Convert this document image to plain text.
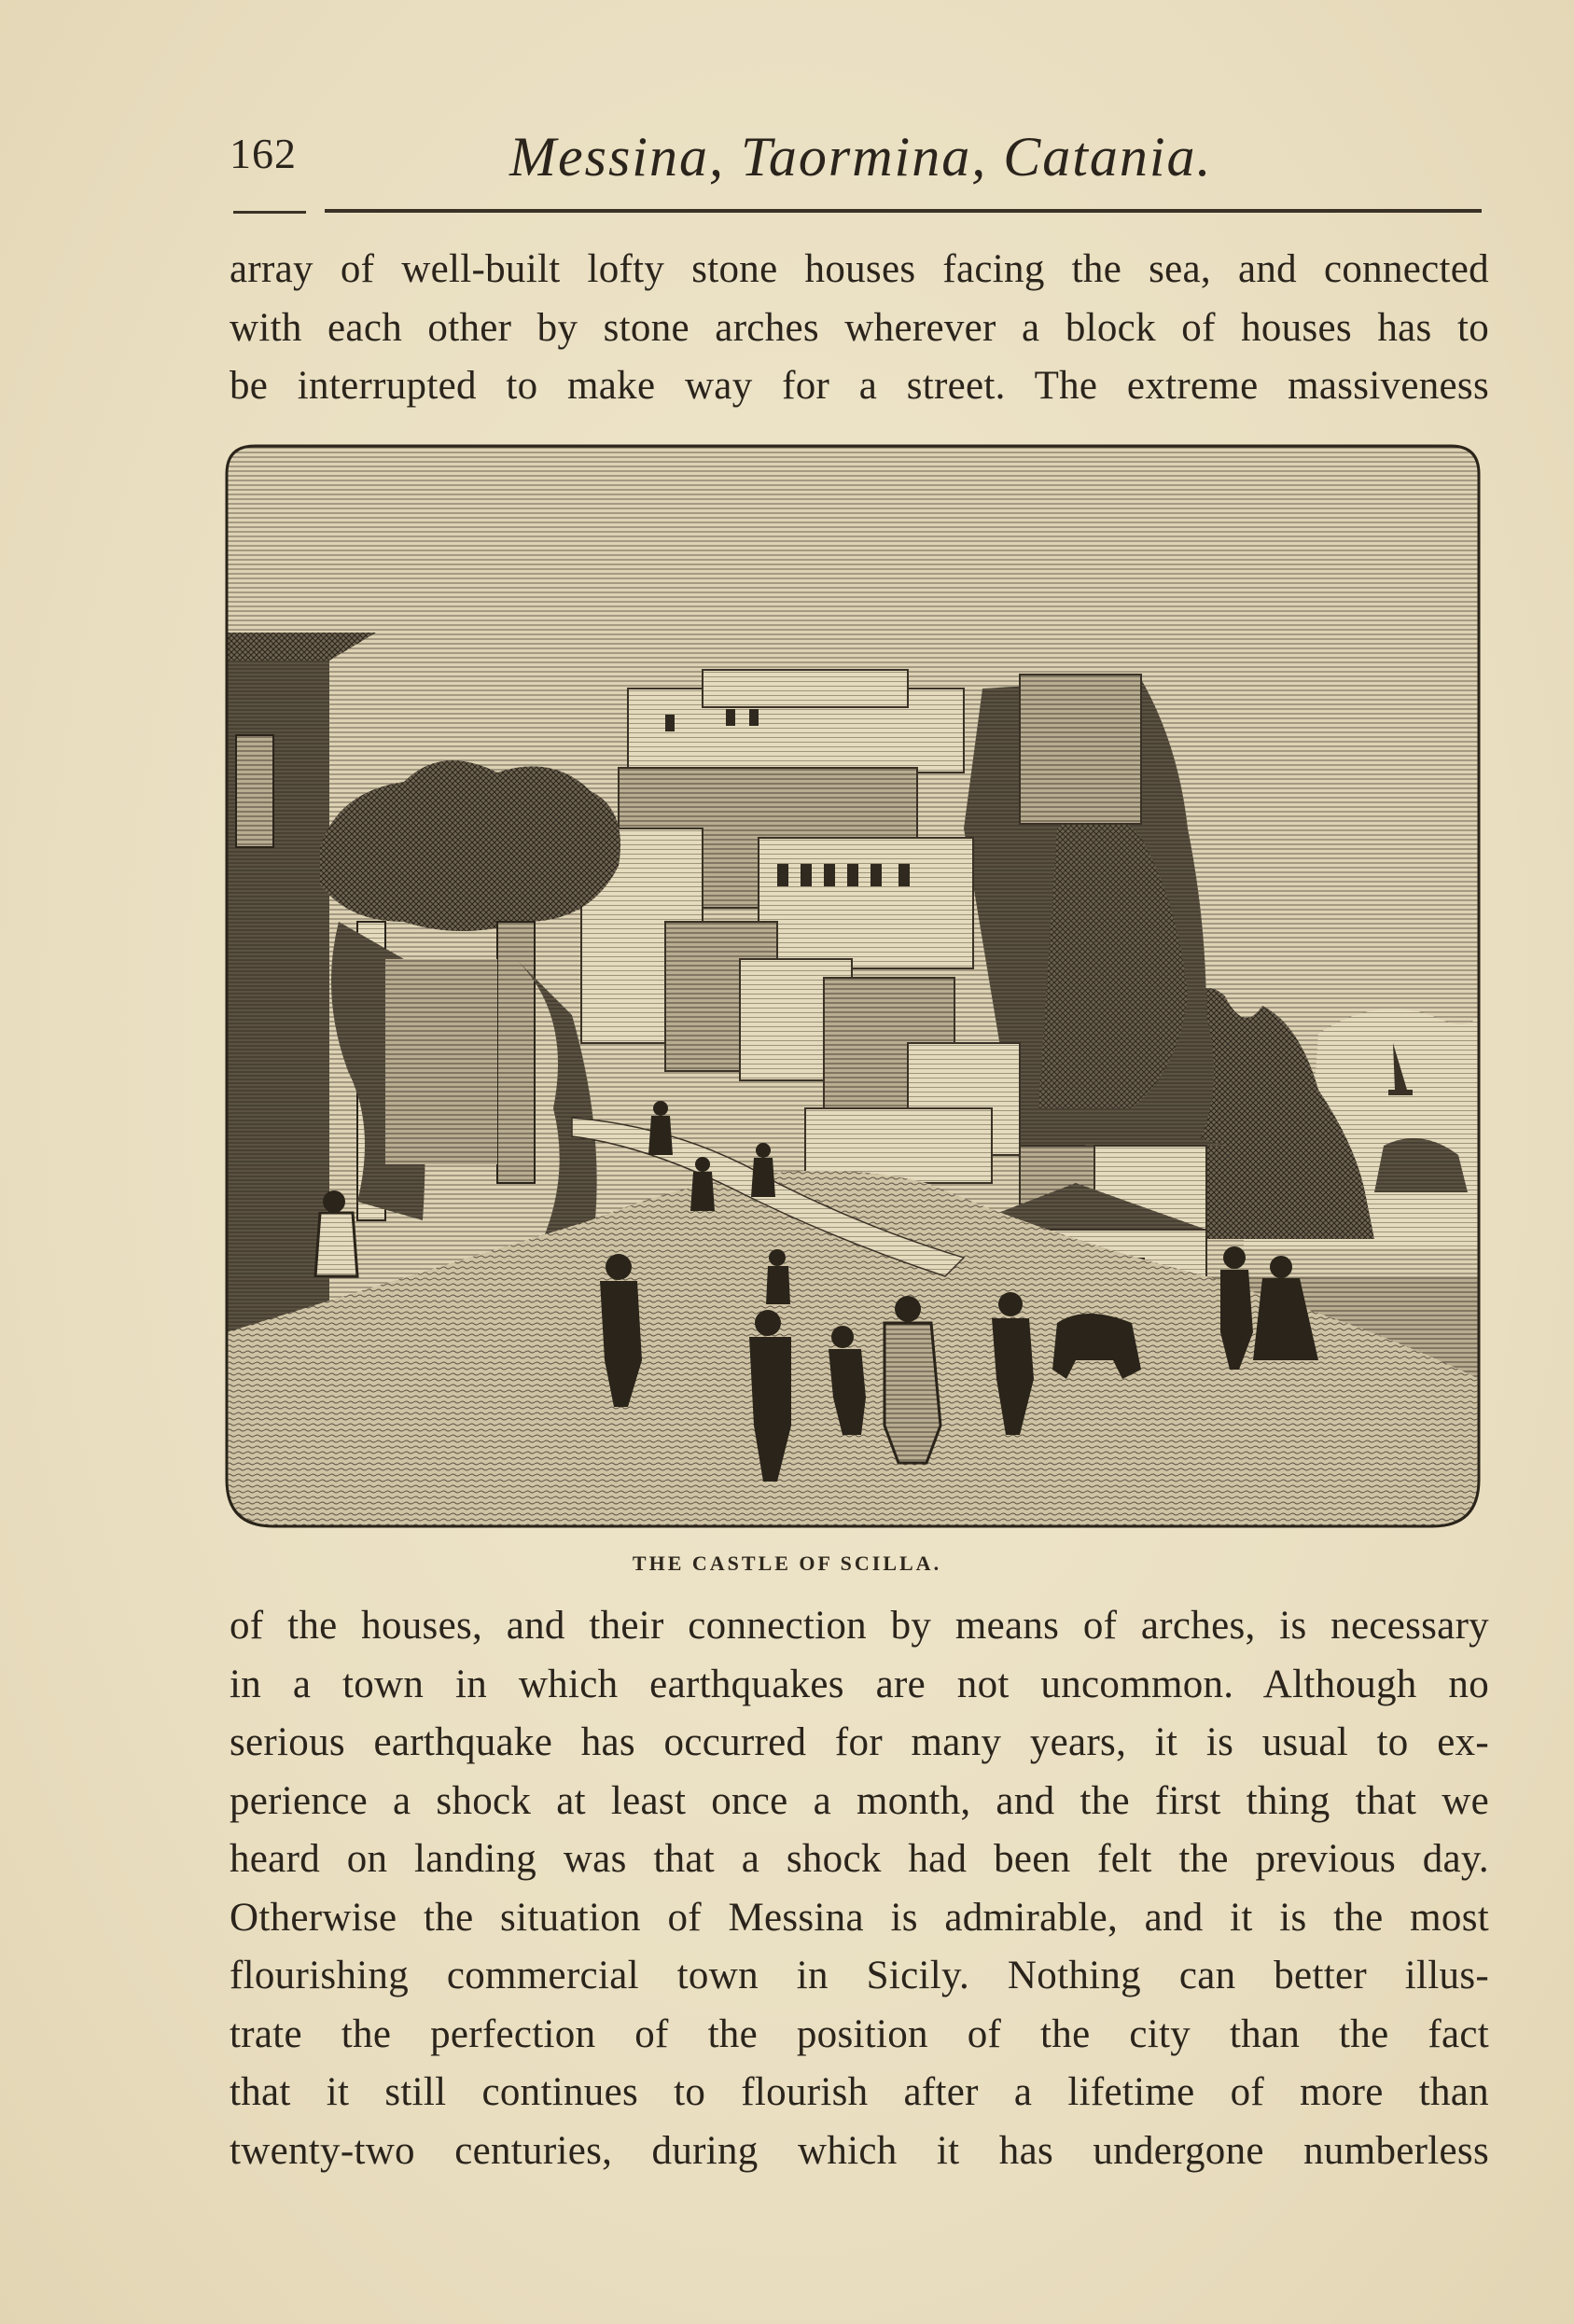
162	Messina, Taormina, Catania.
array of well-built lofty stone houses facing the sea, and connected
with each other by stone arches wherever a block of houses has to
be interrupted to make way for a street. The extreme massiveness
THE CASTLE OF SCILLA.
of the houses, and their connection by means of arches, is necessary
in a town in which earthquakes are not uncommon. Although no
serious earthquake has occurred for many years, it is usual to ex-
perience a shock at least once a month, and the first thing that we
heard on landing was that a shock had been felt the previous day.
Otherwise the situation of Messina is admirable, and it is the most
flourishing commercial town in Sicily. Nothing can better illus-
trate the perfection of the position of the city than the fact
that it still continues to flourish after a lifetime of more than
twenty-two centuries, during which it has undergone numberless
